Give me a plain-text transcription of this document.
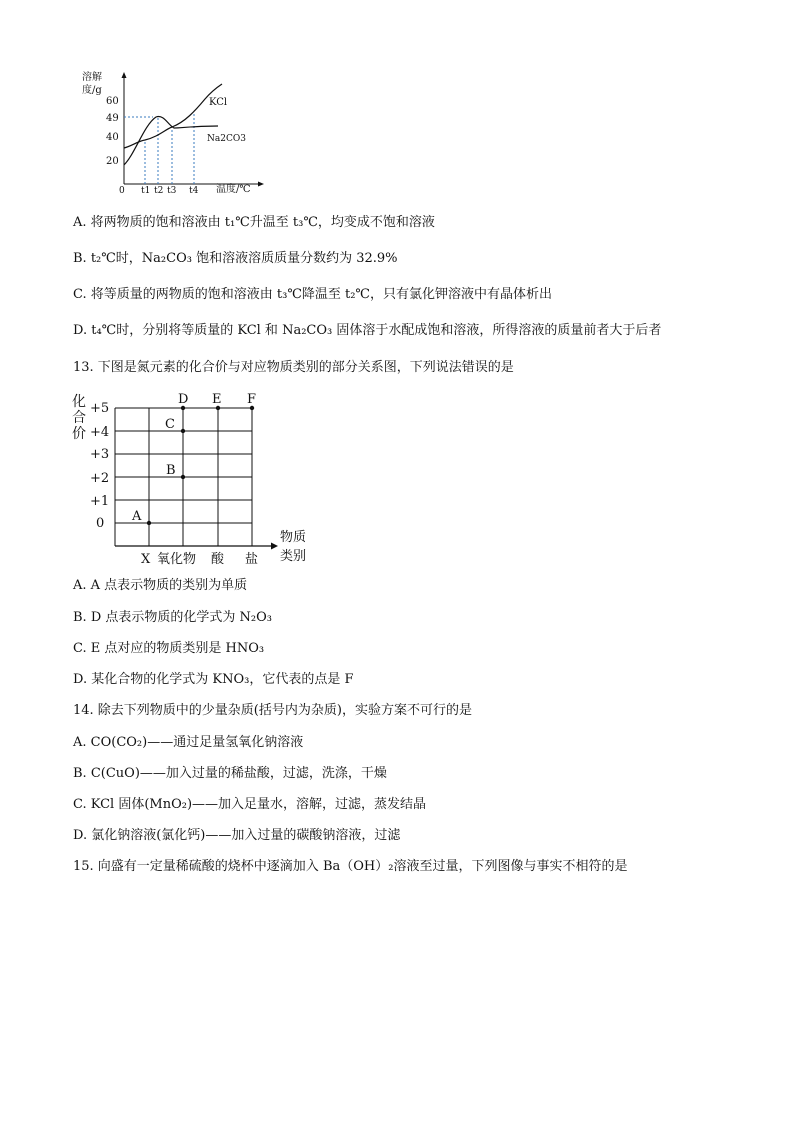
溶解
度/g
60
49
40
20
KCl
Na2CO3
0 t1 t2 t3 t4 温度/℃
A. 将两物质的饱和溶液由 t₁℃升温至 t₃℃，均变成不饱和溶液
B. t₂℃时，Na₂CO₃ 饱和溶液溶质质量分数约为 32.9%
C. 将等质量的两物质的饱和溶液由 t₃℃降温至 t₂℃，只有氯化钾溶液中有晶体析出
D. t₄℃时，分别将等质量的 KCl 和 Na₂CO₃ 固体溶于水配成饱和溶液，所得溶液的质量前者大于后者
13. 下图是氮元素的化合价与对应物质类别的部分关系图，下列说法错误的是
化
合
价
+5
+4
+3
+2
+1
0 A
B
C
D E F
X 氧化物 酸 盐
物质
类别
A. A 点表示物质的类别为单质
B. D 点表示物质的化学式为 N₂O₃
C. E 点对应的物质类别是 HNO₃
D. 某化合物的化学式为 KNO₃，它代表的点是 F
14. 除去下列物质中的少量杂质(括号内为杂质)，实验方案不可行的是
A. CO(CO₂)——通过足量氢氧化钠溶液
B. C(CuO)——加入过量的稀盐酸，过滤，洗涤，干燥
C. KCl 固体(MnO₂)——加入足量水，溶解，过滤，蒸发结晶
D. 氯化钠溶液(氯化钙)——加入过量的碳酸钠溶液，过滤
15. 向盛有一定量稀硫酸的烧杯中逐滴加入 Ba（OH）₂溶液至过量，下列图像与事实不相符的是
